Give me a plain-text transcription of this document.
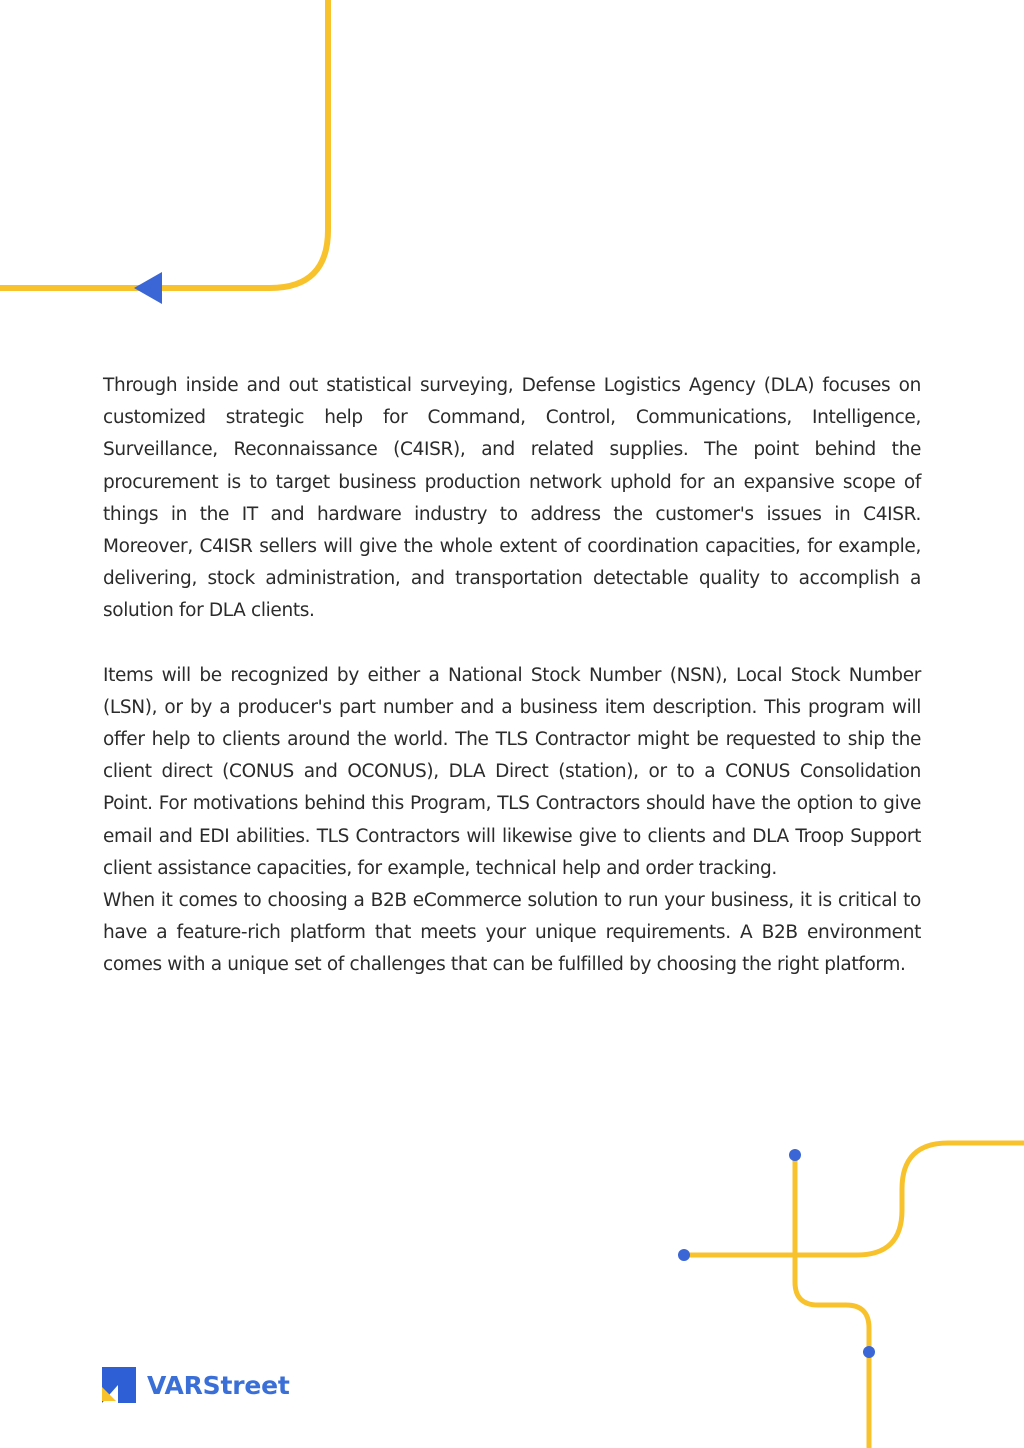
Through inside and out statistical surveying, Defense Logistics Agency (DLA) focuses on customized strategic help for Command, Control, Communications, Intelligence, Surveillance, Reconnaissance (C4ISR), and related supplies. The point behind the procurement is to target business production network uphold for an expansive scope of things in the IT and hardware industry to address the customer's issues in C4ISR. Moreover, C4ISR sellers will give the whole extent of coordination capacities, for example, delivering, stock administration, and transportation detectable quality to accomplish a solution for DLA clients.

Items will be recognized by either a National Stock Number (NSN), Local Stock Number (LSN), or by a producer's part number and a business item description. This program will offer help to clients around the world. The TLS Contractor might be requested to ship the client direct (CONUS and OCONUS), DLA Direct (station), or to a CONUS Consolidation Point. For motivations behind this Program, TLS Contractors should have the option to give email and EDI abilities. TLS Contractors will likewise give to clients and DLA Troop Support client assistance capacities, for example, technical help and order tracking.

When it comes to choosing a B2B eCommerce solution to run your business, it is critical to have a feature-rich platform that meets your unique requirements. A B2B environment comes with a unique set of challenges that can be fulfilled by choosing the right platform.

VARStreet
